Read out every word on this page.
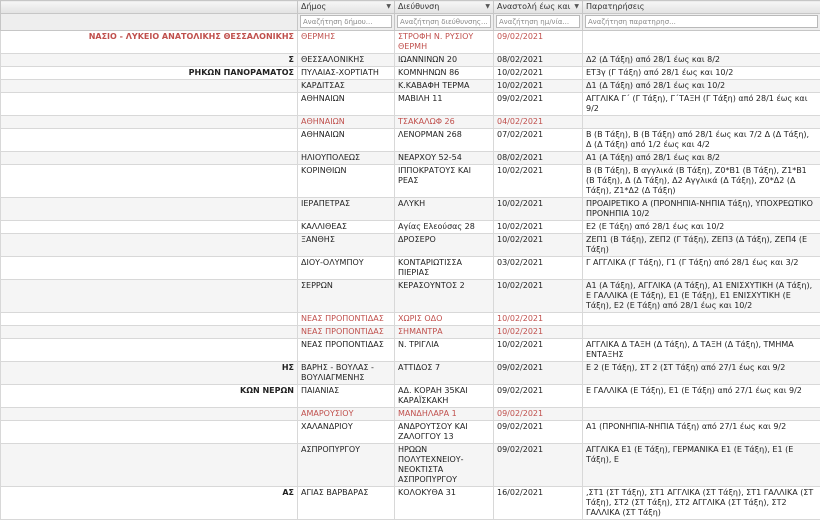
	Δήμος ▼	Διεύθυνση ▼	Αναστολή έως και ▼	Παρατηρήσεις
	Αναζήτηση δήμου...	Αναζήτηση διεύθυνσης...	Αναζήτηση ημ/νία...	Αναζήτηση παρατηρησ...
ΝΑΣΙΟ - ΛΥΚΕΙΟ ΑΝΑΤΟΛΙΚΗΣ ΘΕΣΣΑΛΟΝΙΚΗΣ	ΘΕΡΜΗΣ	ΣΤΡΟΦΗ Ν. ΡΥΣΙΟΥ ΘΕΡΜΗ	09/02/2021	
Σ	ΘΕΣΣΑΛΟΝΙΚΗΣ	ΙΩΑΝΝΙΝΩΝ 20	08/02/2021	Δ2 (Δ Τάξη) από 28/1 έως και 8/2
ΡΗΚΩΝ ΠΑΝΟΡΑΜΑΤΟΣ	ΠΥΛΑΙΑΣ-ΧΟΡΤΙΑΤΗ	ΚΟΜΝΗΝΩΝ 86	10/02/2021	ΕΤ3γ (Γ Τάξη) από 28/1 έως και 10/2
	ΚΑΡΔΙΤΣΑΣ	Κ.ΚΑΒΑΦΗ ΤΕΡΜΑ	10/02/2021	Δ1 (Δ Τάξη) από 28/1 έως και 10/2
	ΑΘΗΝΑΙΩΝ	ΜΑΒΙΛΗ 11	09/02/2021	ΑΓΓΛΙΚΑ Γ΄ (Γ Τάξη), Γ΄ΤΑΞΗ (Γ Τάξη) από 28/1 έως και 9/2
	ΑΘΗΝΑΙΩΝ	ΤΣΑΚΑΛΩΦ 26	04/02/2021	
	ΑΘΗΝΑΙΩΝ	ΛΕΝΟΡΜΑΝ 268	07/02/2021	Β (Β Τάξη), Β (Β Τάξη) από 28/1 έως και 7/2 Δ (Δ Τάξη), Δ (Δ Τάξη) από 1/2 έως και 4/2
	ΗΛΙΟΥΠΟΛΕΩΣ	ΝΕΑΡΧΟΥ 52-54	08/02/2021	Α1 (Α Τάξη) από 28/1 έως και 8/2
	ΚΟΡΙΝΘΙΩΝ	ΙΠΠΟΚΡΑΤΟΥΣ ΚΑΙ ΡΕΑΣ	10/02/2021	Β (Β Τάξη), Β αγγλικά (Β Τάξη), Ζ0*Β1 (Β Τάξη), Ζ1*Β1 (Β Τάξη), Δ (Δ Τάξη), Δ2 Αγγλικά (Δ Τάξη), Ζ0*Δ2 (Δ Τάξη), Ζ1*Δ2 (Δ Τάξη)
	ΙΕΡΑΠΕΤΡΑΣ	ΑΛΥΚΗ	10/02/2021	ΠΡΟΑΙΡΕΤΙΚΟ Α (ΠΡΟΝΗΠΙΑ-ΝΗΠΙΑ Τάξη), ΥΠΟΧΡΕΩΤΙΚΟ ΠΡΟΝΗΠΙΑ 10/2
	ΚΑΛΛΙΘΕΑΣ	Αγίας Ελεούσας 28	10/02/2021	Ε2 (Ε Τάξη) από 28/1 έως και 10/2
	ΞΑΝΘΗΣ	ΔΡΟΣΕΡΟ	10/02/2021	ΖΕΠ1 (Β Τάξη), ΖΕΠ2 (Γ Τάξη), ΖΕΠ3 (Δ Τάξη), ΖΕΠ4 (Ε Τάξη)
	ΔΙΟΥ-ΟΛΥΜΠΟΥ	ΚΟΝΤΑΡΙΩΤΙΣΣΑ ΠΙΕΡΙΑΣ	03/02/2021	Γ ΑΓΓΛΙΚΑ (Γ Τάξη), Γ1 (Γ Τάξη) από 28/1 έως και 3/2
	ΣΕΡΡΩΝ	ΚΕΡΑΣΟΥΝΤΟΣ 2	10/02/2021	Α1 (Α Τάξη), ΑΓΓΛΙΚΑ (Α Τάξη), Α1 ΕΝΙΣΧΥΤΙΚΗ (Α Τάξη), Ε ΓΑΛΛΙΚΑ (Ε Τάξη), Ε1 (Ε Τάξη), Ε1 ΕΝΙΣΧΥΤΙΚΗ (Ε Τάξη), Ε2 (Ε Τάξη) από 28/1 έως και 10/2
	ΝΕΑΣ ΠΡΟΠΟΝΤΙΔΑΣ	ΧΩΡΙΣ ΟΔΟ	10/02/2021	
	ΝΕΑΣ ΠΡΟΠΟΝΤΙΔΑΣ	ΣΗΜΑΝΤΡΑ	10/02/2021	
	ΝΕΑΣ ΠΡΟΠΟΝΤΙΔΑΣ	Ν. ΤΡΙΓΛΙΑ	10/02/2021	ΑΓΓΛΙΚΑ Δ ΤΑΞΗ (Δ Τάξη), Δ ΤΑΞΗ (Δ Τάξη), ΤΜΗΜΑ ΕΝΤΑΞΗΣ
ΗΣ	ΒΑΡΗΣ - ΒΟΥΛΑΣ - ΒΟΥΛΙΑΓΜΕΝΗΣ	ΑΤΤΙΔΟΣ 7	09/02/2021	Ε 2 (Ε Τάξη), ΣΤ 2 (ΣΤ Τάξη) από 27/1 έως και 9/2
ΚΩΝ ΝΕΡΩΝ	ΠΑΙΑΝΙΑΣ	ΑΔ. ΚΟΡΑΗ 35ΚΑΙ ΚΑΡΑΪΣΚΑΚΗ	09/02/2021	Ε ΓΑΛΛΙΚΑ (Ε Τάξη), Ε1 (Ε Τάξη) από 27/1 έως και 9/2
	ΑΜΑΡΟΥΣΙΟΥ	ΜΑΝΔΗΛΑΡΑ 1	09/02/2021	
	ΧΑΛΑΝΔΡΙΟΥ	ΑΝΔΡΟΥΤΣΟΥ ΚΑΙ ΖΑΛΟΓΓΟΥ 13	09/02/2021	Α1 (ΠΡΟΝΗΠΙΑ-ΝΗΠΙΑ Τάξη) από 27/1 έως και 9/2
	ΑΣΠΡΟΠΥΡΓΟΥ	ΗΡΩΩΝ ΠΟΛΥΤΕΧΝΕΙΟΥ-ΝΕΟΚΤΙΣΤΑ ΑΣΠΡΟΠΥΡΓΟΥ	09/02/2021	ΑΓΓΛΙΚΑ Ε1 (Ε Τάξη), ΓΕΡΜΑΝΙΚΑ Ε1 (Ε Τάξη), Ε1 (Ε Τάξη), Ε
ΑΣ	ΑΓΙΑΣ ΒΑΡΒΑΡΑΣ	ΚΟΛΟΚΥΘΑ 31	16/02/2021	,ΣΤ1 (ΣΤ Τάξη), ΣΤ1 ΑΓΓΛΙΚΑ (ΣΤ Τάξη), ΣΤ1 ΓΑΛΛΙΚΑ (ΣΤ Τάξη), ΣΤ2 (ΣΤ Τάξη), ΣΤ2 ΑΓΓΛΙΚΑ (ΣΤ Τάξη), ΣΤ2 ΓΑΛΛΙΚΑ (ΣΤ Τάξη)
